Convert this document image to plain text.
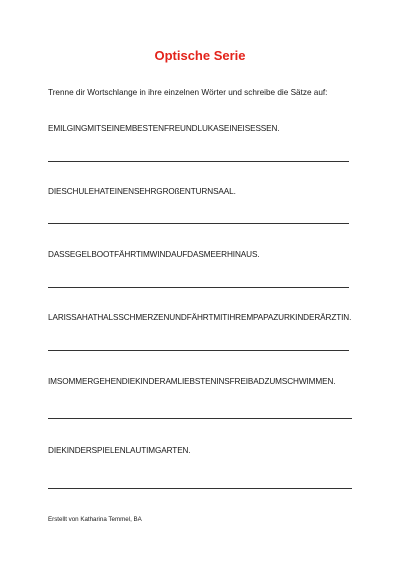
Optische Serie
Trenne dir Wortschlange in ihre einzelnen Wörter und schreibe die Sätze auf:
EMILGINGMITSEINEMBESTENFREUNDLUKASEINEISESSEN.
DIESCHULEHATEINENSEHRGROßENTURNSAAL.
DASSEGELBOOTFÄHRTIMWINDAUFDASMEERHINAUS.
LARISSAHATHALSSCHMERZENUNDFÄHRTMITIHREMPAPAZURKINDERÄRZTIN.
IMSOMMERGEHENDIEKINDERAMLIEBSTENINSFREIBADZUMSCHWIMMEN.
DIEKINDERSPIELENLAUTIMGARTEN.
Erstellt von Katharina Temmel, BA
